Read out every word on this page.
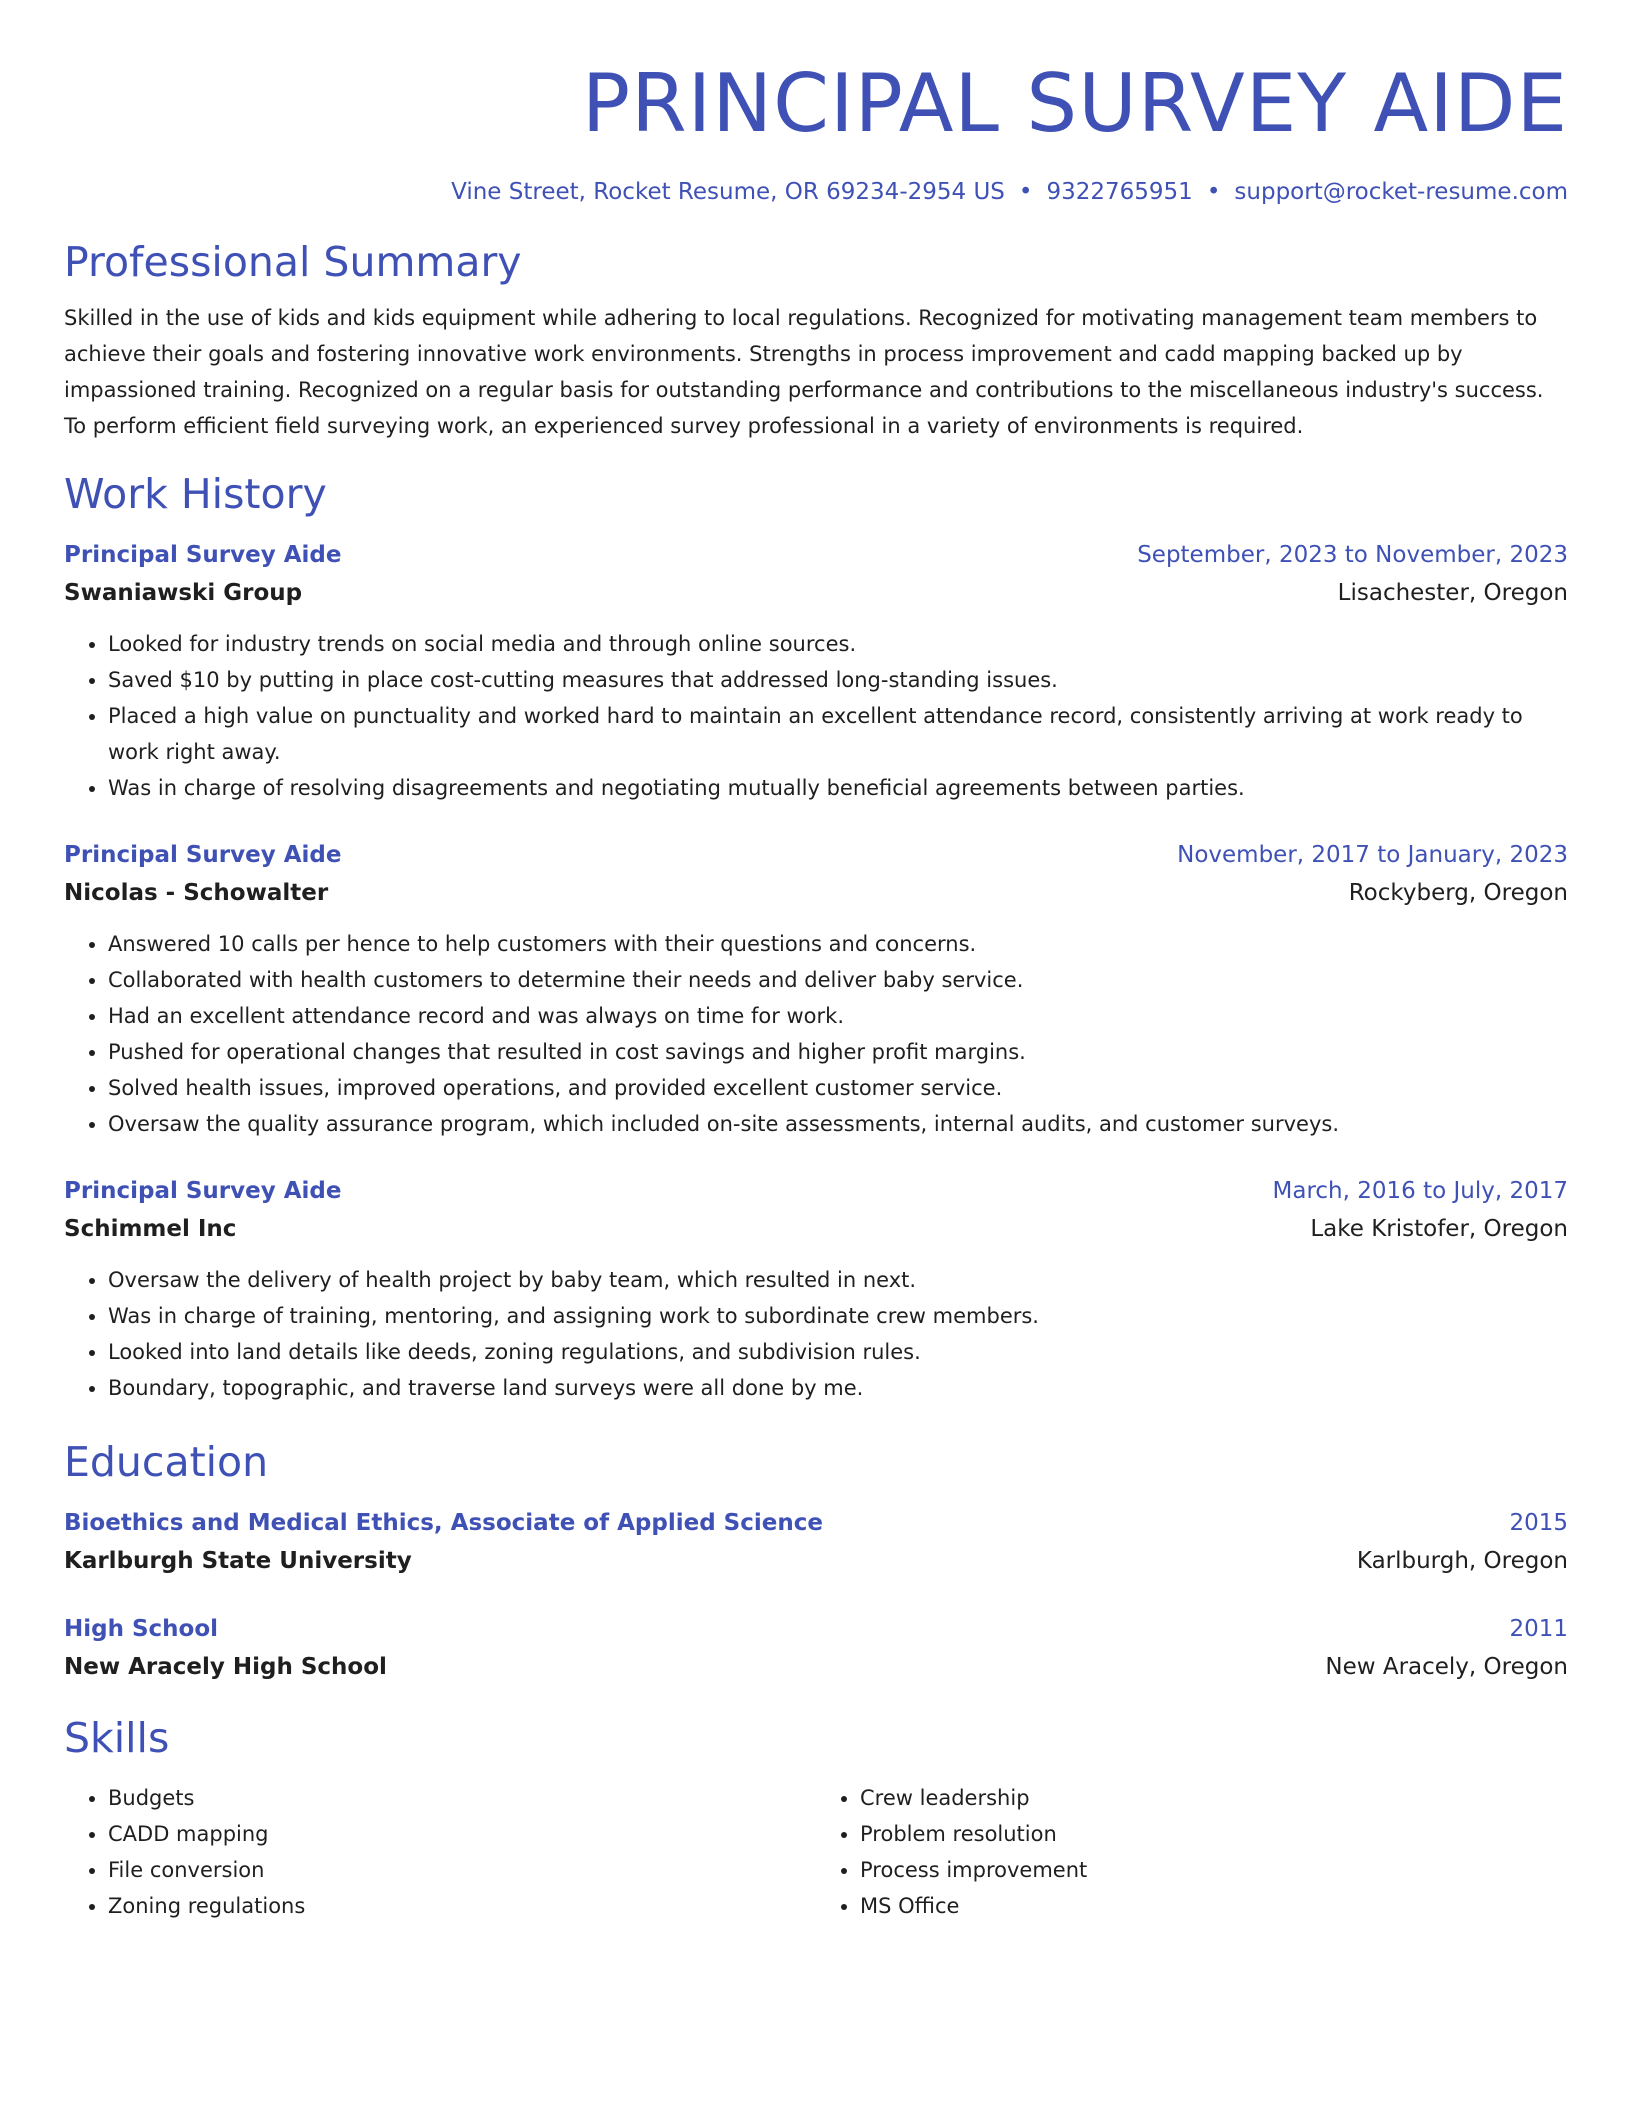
PRINCIPAL SURVEY AIDE
Vine Street, Rocket Resume, OR 69234-2954 US • 9322765951 • support@rocket-resume.com
Professional Summary
Skilled in the use of kids and kids equipment while adhering to local regulations. Recognized for motivating management team members to achieve their goals and fostering innovative work environments. Strengths in process improvement and cadd mapping backed up by impassioned training. Recognized on a regular basis for outstanding performance and contributions to the miscellaneous industry's success. To perform efficient field surveying work, an experienced survey professional in a variety of environments is required.
Work History
Principal Survey Aide	September, 2023 to November, 2023
Swaniawski Group	Lisachester, Oregon
• Looked for industry trends on social media and through online sources.
• Saved $10 by putting in place cost-cutting measures that addressed long-standing issues.
• Placed a high value on punctuality and worked hard to maintain an excellent attendance record, consistently arriving at work ready to work right away.
• Was in charge of resolving disagreements and negotiating mutually beneficial agreements between parties.
Principal Survey Aide	November, 2017 to January, 2023
Nicolas - Schowalter	Rockyberg, Oregon
• Answered 10 calls per hence to help customers with their questions and concerns.
• Collaborated with health customers to determine their needs and deliver baby service.
• Had an excellent attendance record and was always on time for work.
• Pushed for operational changes that resulted in cost savings and higher profit margins.
• Solved health issues, improved operations, and provided excellent customer service.
• Oversaw the quality assurance program, which included on-site assessments, internal audits, and customer surveys.
Principal Survey Aide	March, 2016 to July, 2017
Schimmel Inc	Lake Kristofer, Oregon
• Oversaw the delivery of health project by baby team, which resulted in next.
• Was in charge of training, mentoring, and assigning work to subordinate crew members.
• Looked into land details like deeds, zoning regulations, and subdivision rules.
• Boundary, topographic, and traverse land surveys were all done by me.
Education
Bioethics and Medical Ethics, Associate of Applied Science	2015
Karlburgh State University	Karlburgh, Oregon
High School	2011
New Aracely High School	New Aracely, Oregon
Skills
• Budgets
• CADD mapping
• File conversion
• Zoning regulations
• Crew leadership
• Problem resolution
• Process improvement
• MS Office
